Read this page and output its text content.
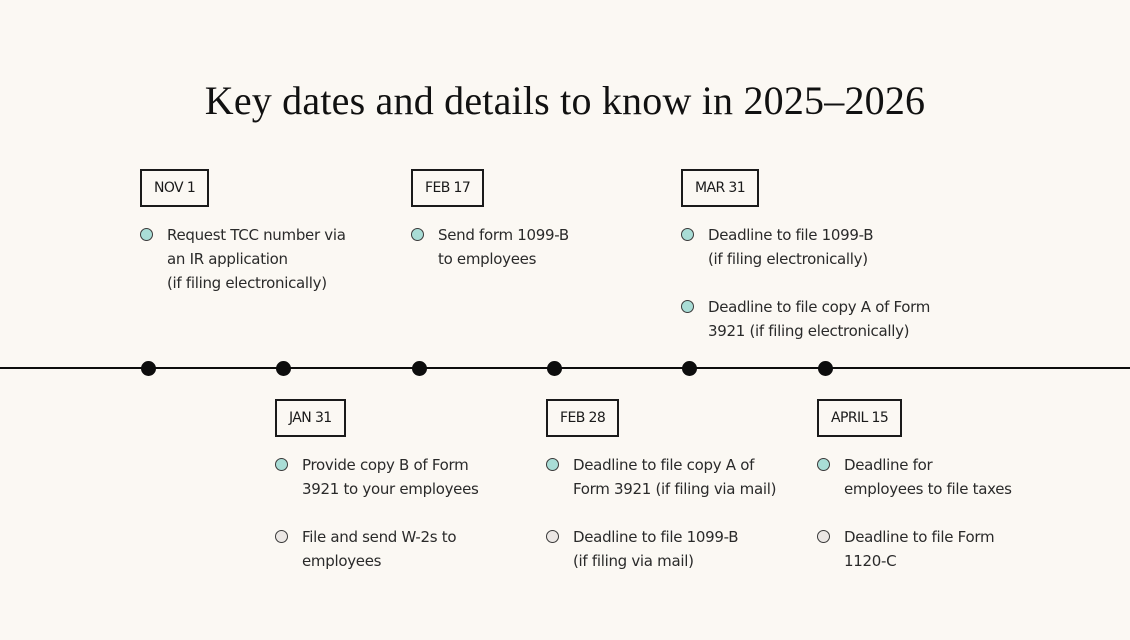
Key dates and details to know in 2025–2026
NOV 1
Request TCC number via
an IR application
(if filing electronically)
FEB 17
Send form 1099-B
to employees
MAR 31
Deadline to file 1099-B
(if filing electronically)
Deadline to file copy A of Form
3921 (if filing electronically)
JAN 31
Provide copy B of Form
3921 to your employees
File and send W-2s to
employees
FEB 28
Deadline to file copy A of
Form 3921 (if filing via mail)
Deadline to file 1099-B
(if filing via mail)
APRIL 15
Deadline for
employees to file taxes
Deadline to file Form
1120-C
